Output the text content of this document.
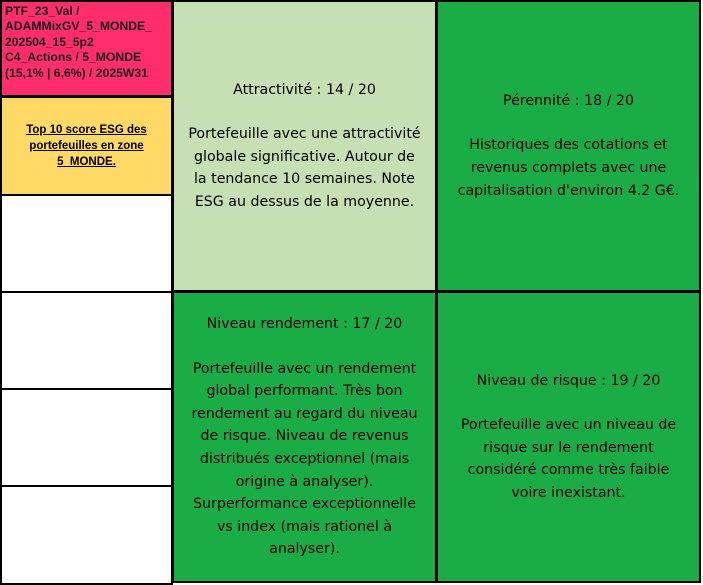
PTF_23_Val /
ADAMMixGV_5_MONDE_
202504_15_5p2
C4_Actions / 5_MONDE
(15,1% | 6,6%) / 2025W31
Top 10 score ESG des
portefeuilles en zone
5_MONDE.
Attractivité : 14 / 20
Portefeuille avec une attractivité
globale significative. Autour de
la tendance 10 semaines. Note
ESG au dessus de la moyenne.
Pérennité : 18 / 20
Historiques des cotations et
revenus complets avec une
capitalisation d'environ 4.2 G€.
Niveau rendement : 17 / 20
Portefeuille avec un rendement
global performant. Très bon
rendement au regard du niveau
de risque. Niveau de revenus
distribués exceptionnel (mais
origine à analyser).
Surperformance exceptionnelle
vs index (mais rationel à
analyser).
Niveau de risque : 19 / 20
Portefeuille avec un niveau de
risque sur le rendement
considéré comme très faible
voire inexistant.
